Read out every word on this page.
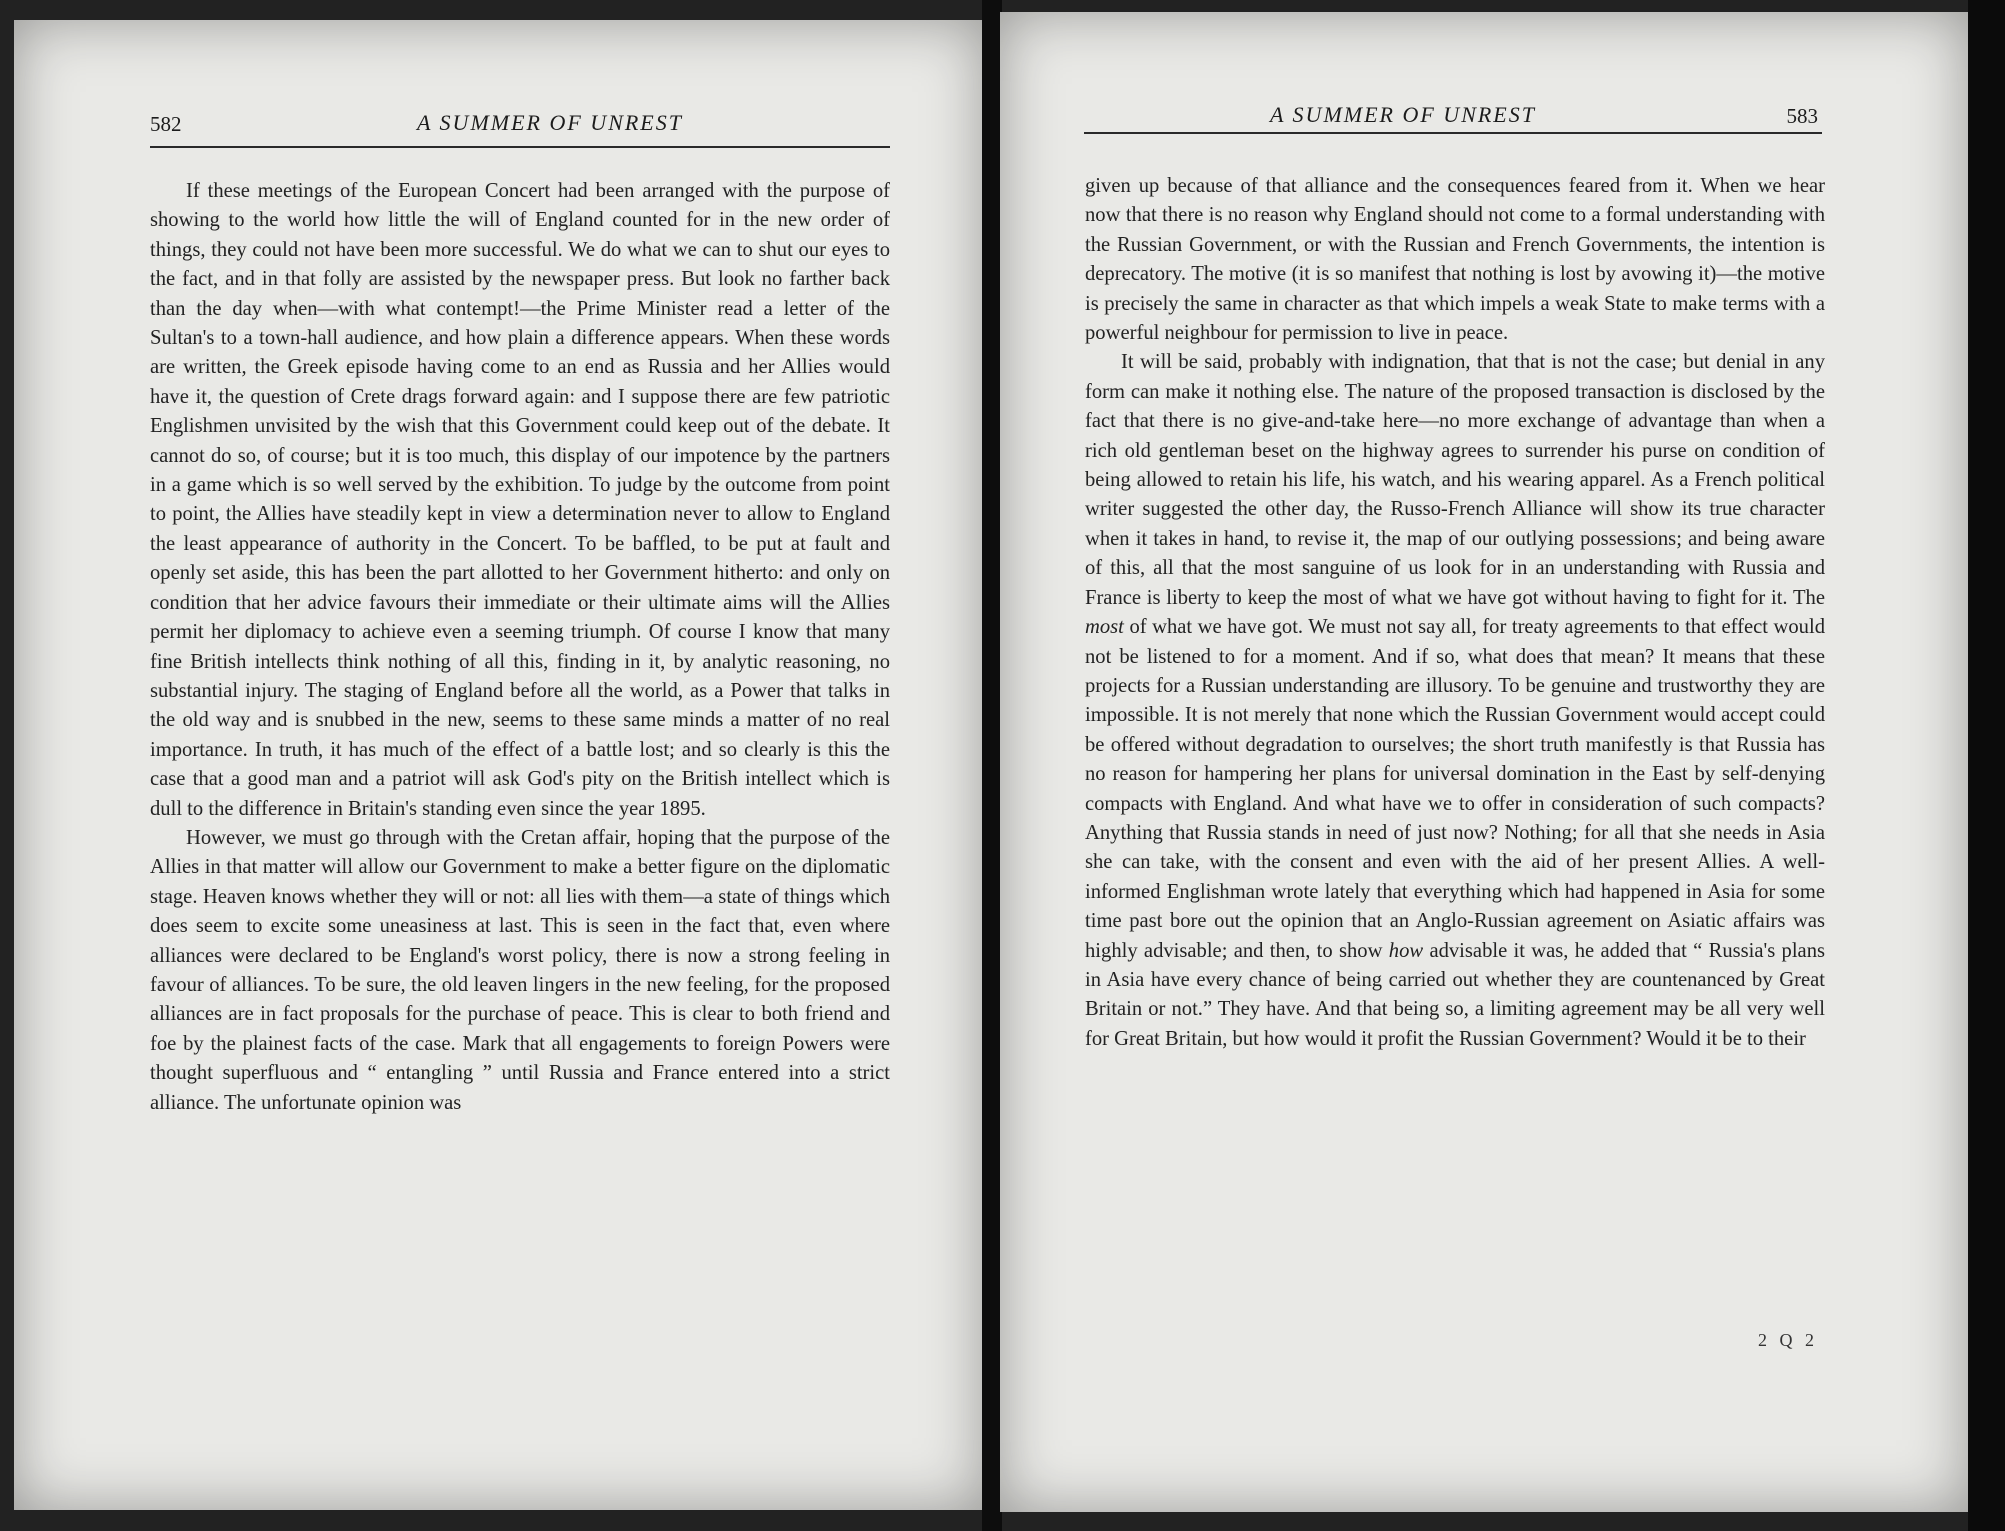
582	A SUMMER OF UNREST

If these meetings of the European Concert had been arranged with the purpose of showing to the world how little the will of England counted for in the new order of things, they could not have been more successful. We do what we can to shut our eyes to the fact, and in that folly are assisted by the newspaper press. But look no farther back than the day when—with what contempt!—the Prime Minister read a letter of the Sultan's to a town-hall audience, and how plain a difference appears. When these words are written, the Greek episode having come to an end as Russia and her Allies would have it, the question of Crete drags forward again: and I suppose there are few patriotic Englishmen unvisited by the wish that this Government could keep out of the debate. It cannot do so, of course; but it is too much, this display of our impotence by the partners in a game which is so well served by the exhibition. To judge by the outcome from point to point, the Allies have steadily kept in view a determination never to allow to England the least appearance of authority in the Concert. To be baffled, to be put at fault and openly set aside, this has been the part allotted to her Government hitherto: and only on condition that her advice favours their immediate or their ultimate aims will the Allies permit her diplomacy to achieve even a seeming triumph. Of course I know that many fine British intellects think nothing of all this, finding in it, by analytic reasoning, no substantial injury. The staging of England before all the world, as a Power that talks in the old way and is snubbed in the new, seems to these same minds a matter of no real importance. In truth, it has much of the effect of a battle lost; and so clearly is this the case that a good man and a patriot will ask God's pity on the British intellect which is dull to the difference in Britain's standing even since the year 1895.

However, we must go through with the Cretan affair, hoping that the purpose of the Allies in that matter will allow our Government to make a better figure on the diplomatic stage. Heaven knows whether they will or not: all lies with them—a state of things which does seem to excite some uneasiness at last. This is seen in the fact that, even where alliances were declared to be England's worst policy, there is now a strong feeling in favour of alliances. To be sure, the old leaven lingers in the new feeling, for the proposed alliances are in fact proposals for the purchase of peace. This is clear to both friend and foe by the plainest facts of the case. Mark that all engagements to foreign Powers were thought superfluous and “ entangling ” until Russia and France entered into a strict alliance. The unfortunate opinion was

A SUMMER OF UNREST	583

given up because of that alliance and the consequences feared from it. When we hear now that there is no reason why England should not come to a formal understanding with the Russian Government, or with the Russian and French Governments, the intention is deprecatory. The motive (it is so manifest that nothing is lost by avowing it)—the motive is precisely the same in character as that which impels a weak State to make terms with a powerful neighbour for permission to live in peace.

It will be said, probably with indignation, that that is not the case; but denial in any form can make it nothing else. The nature of the proposed transaction is disclosed by the fact that there is no give-and-take here—no more exchange of advantage than when a rich old gentleman beset on the highway agrees to surrender his purse on condition of being allowed to retain his life, his watch, and his wearing apparel. As a French political writer suggested the other day, the Russo-French Alliance will show its true character when it takes in hand, to revise it, the map of our outlying possessions; and being aware of this, all that the most sanguine of us look for in an understanding with Russia and France is liberty to keep the most of what we have got without having to fight for it. The most of what we have got. We must not say all, for treaty agreements to that effect would not be listened to for a moment. And if so, what does that mean? It means that these projects for a Russian understanding are illusory. To be genuine and trustworthy they are impossible. It is not merely that none which the Russian Government would accept could be offered without degradation to ourselves; the short truth manifestly is that Russia has no reason for hampering her plans for universal domination in the East by self-denying compacts with England. And what have we to offer in consideration of such compacts? Anything that Russia stands in need of just now? Nothing; for all that she needs in Asia she can take, with the consent and even with the aid of her present Allies. A well-informed Englishman wrote lately that everything which had happened in Asia for some time past bore out the opinion that an Anglo-Russian agreement on Asiatic affairs was highly advisable; and then, to show how advisable it was, he added that “ Russia's plans in Asia have every chance of being carried out whether they are countenanced by Great Britain or not.” They have. And that being so, a limiting agreement may be all very well for Great Britain, but how would it profit the Russian Government? Would it be to their

2 Q 2
